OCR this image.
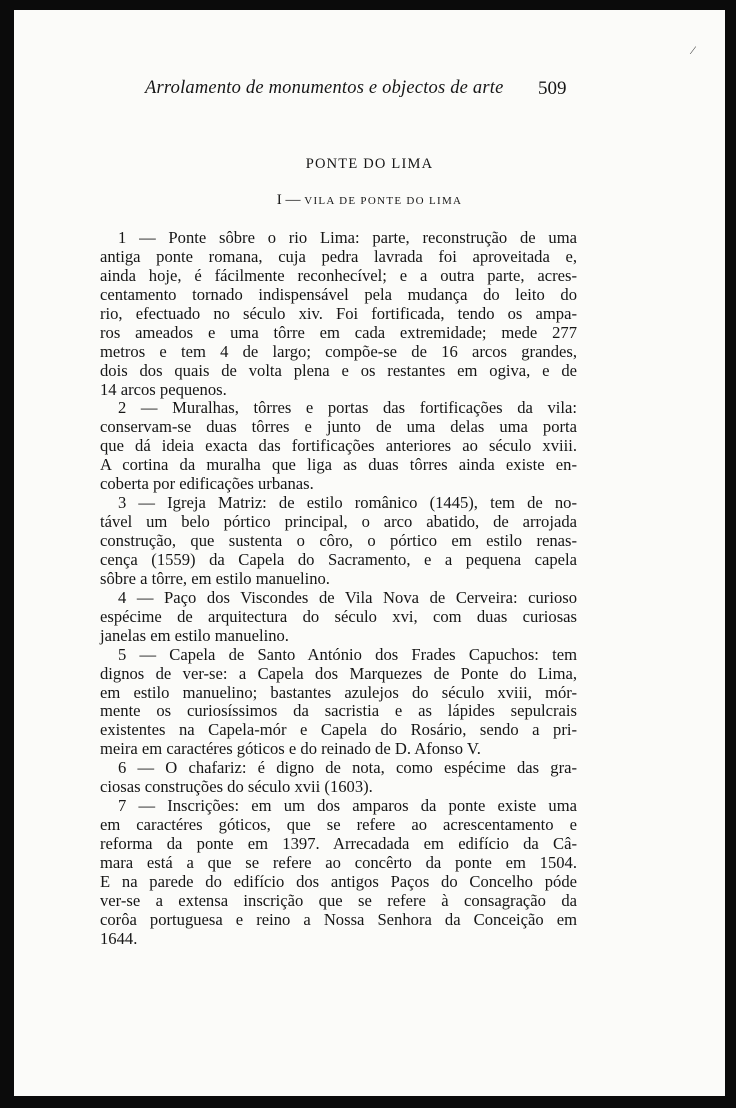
⁄
Arrolamento de monumentos e objectos de arte 509
PONTE DO LIMA
I — VILA DE PONTE DO LIMA
1 — Ponte sôbre o rio Lima: parte, reconstrução de uma
antiga ponte romana, cuja pedra lavrada foi aproveitada e,
ainda hoje, é fácilmente reconhecível; e a outra parte, acres-
centamento tornado indispensável pela mudança do leito do
rio, efectuado no século xiv. Foi fortificada, tendo os ampa-
ros ameados e uma tôrre em cada extremidade; mede 277
metros e tem 4 de largo; compõe-se de 16 arcos grandes,
dois dos quais de volta plena e os restantes em ogiva, e de
14 arcos pequenos.
2 — Muralhas, tôrres e portas das fortificações da vila:
conservam-se duas tôrres e junto de uma delas uma porta
que dá ideia exacta das fortificações anteriores ao século xviii.
A cortina da muralha que liga as duas tôrres ainda existe en-
coberta por edificações urbanas.
3 — Igreja Matriz: de estilo românico (1445), tem de no-
tável um belo pórtico principal, o arco abatido, de arrojada
construção, que sustenta o côro, o pórtico em estilo renas-
cença (1559) da Capela do Sacramento, e a pequena capela
sôbre a tôrre, em estilo manuelino.
4 — Paço dos Viscondes de Vila Nova de Cerveira: curioso
espécime de arquitectura do século xvi, com duas curiosas
janelas em estilo manuelino.
5 — Capela de Santo António dos Frades Capuchos: tem
dignos de ver-se: a Capela dos Marquezes de Ponte do Lima,
em estilo manuelino; bastantes azulejos do século xviii, mór-
mente os curiosíssimos da sacristia e as lápides sepulcrais
existentes na Capela-mór e Capela do Rosário, sendo a pri-
meira em caractéres góticos e do reinado de D. Afonso V.
6 — O chafariz: é digno de nota, como espécime das gra-
ciosas construções do século xvii (1603).
7 — Inscrições: em um dos amparos da ponte existe uma
em caractéres góticos, que se refere ao acrescentamento e
reforma da ponte em 1397. Arrecadada em edifício da Câ-
mara está a que se refere ao concêrto da ponte em 1504.
E na parede do edifício dos antigos Paços do Concelho póde
ver-se a extensa inscrição que se refere à consagração da
corôa portuguesa e reino a Nossa Senhora da Conceição em
1644.
